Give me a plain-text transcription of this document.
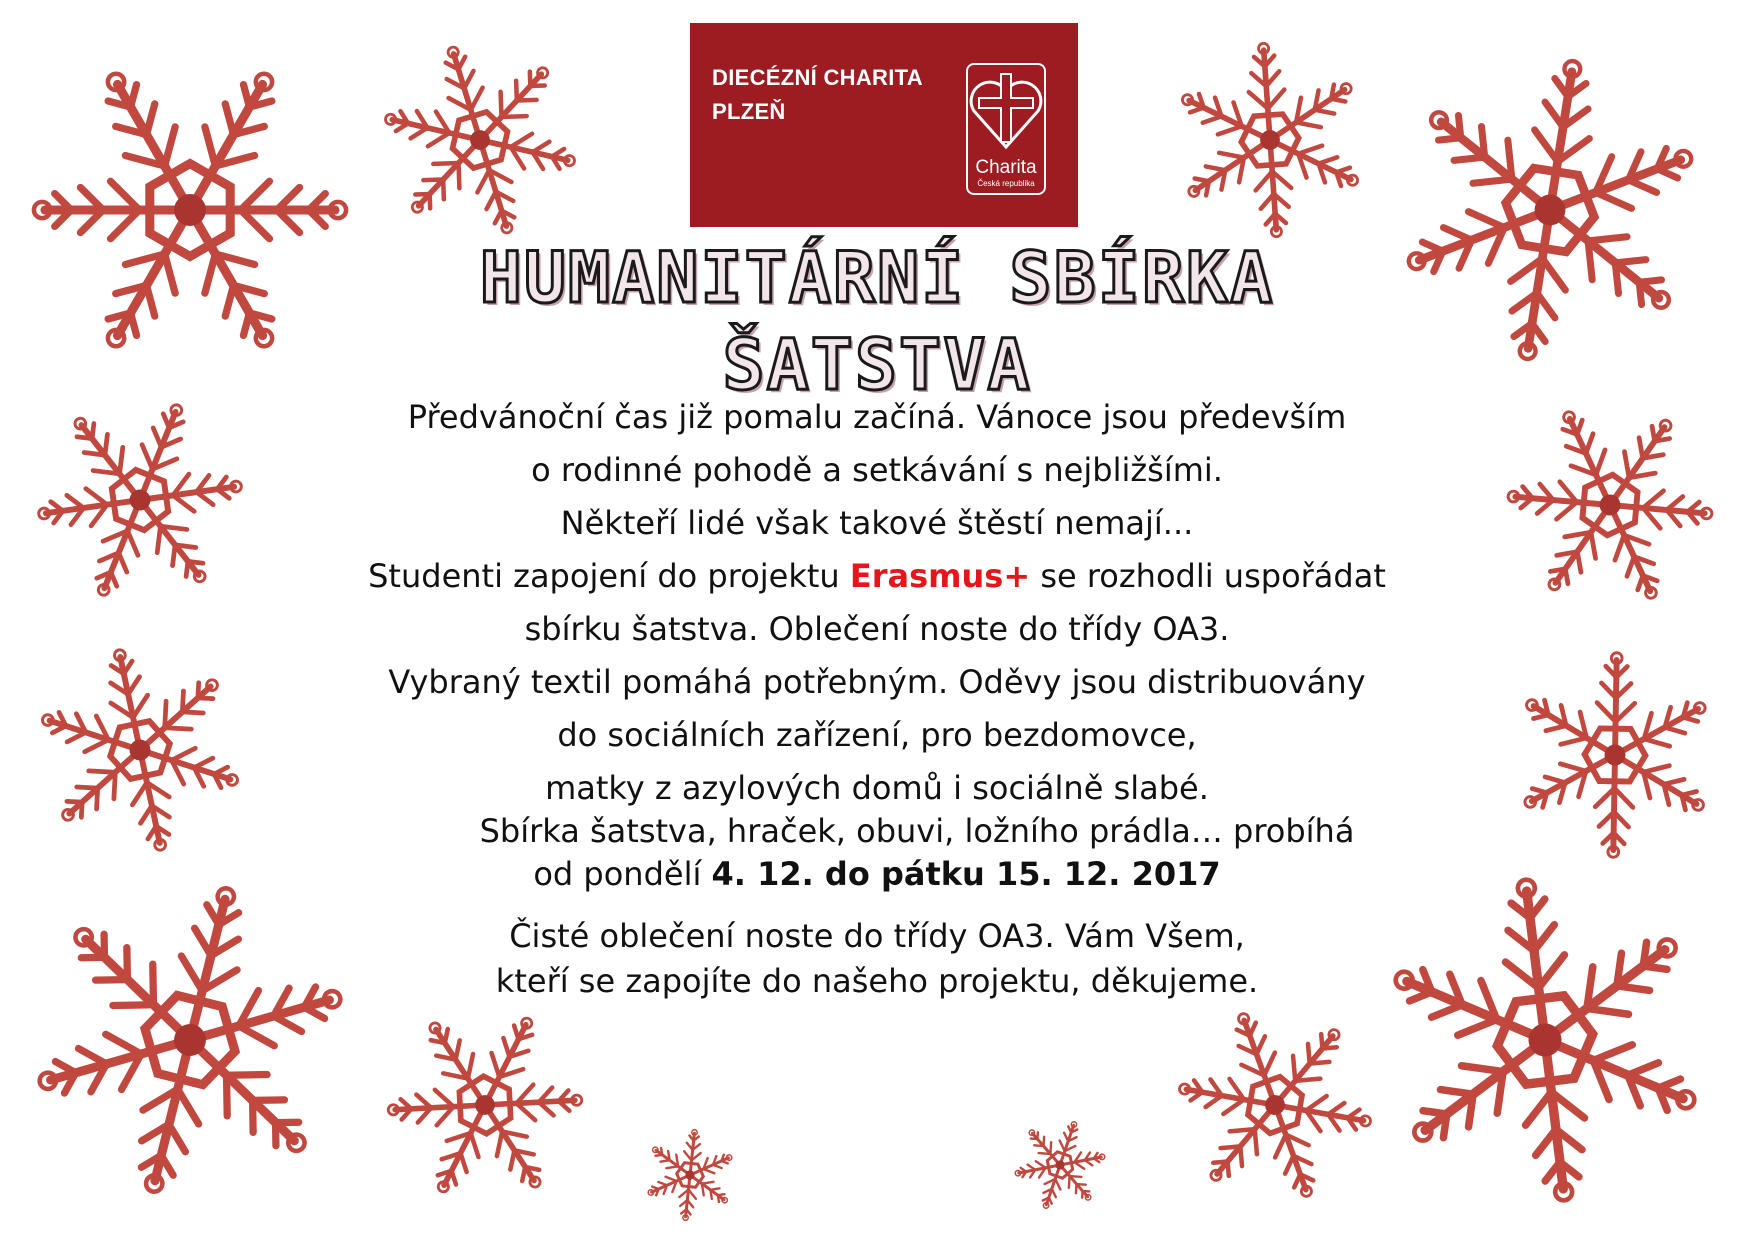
DIECÉZNÍ CHARITA
PLZEŇ
Charita
Česká republika
HUMANITÁRNÍ SBÍRKA
ŠATSTVA
Předvánoční čas již pomalu začíná. Vánoce jsou především
o rodinné pohodě a setkávání s nejbližšími.
Někteří lidé však takové štěstí nemají...
Studenti zapojení do projektu Erasmus+ se rozhodli uspořádat
sbírku šatstva. Oblečení noste do třídy OA3.
Vybraný textil pomáhá potřebným. Oděvy jsou distribuovány
do sociálních zařízení, pro bezdomovce,
matky z azylových domů i sociálně slabé.
Sbírka šatstva, hraček, obuvi, ložního prádla… probíhá
od pondělí 4. 12. do pátku 15. 12. 2017
Čisté oblečení noste do třídy OA3. Vám Všem,
kteří se zapojíte do našeho projektu, děkujeme.
